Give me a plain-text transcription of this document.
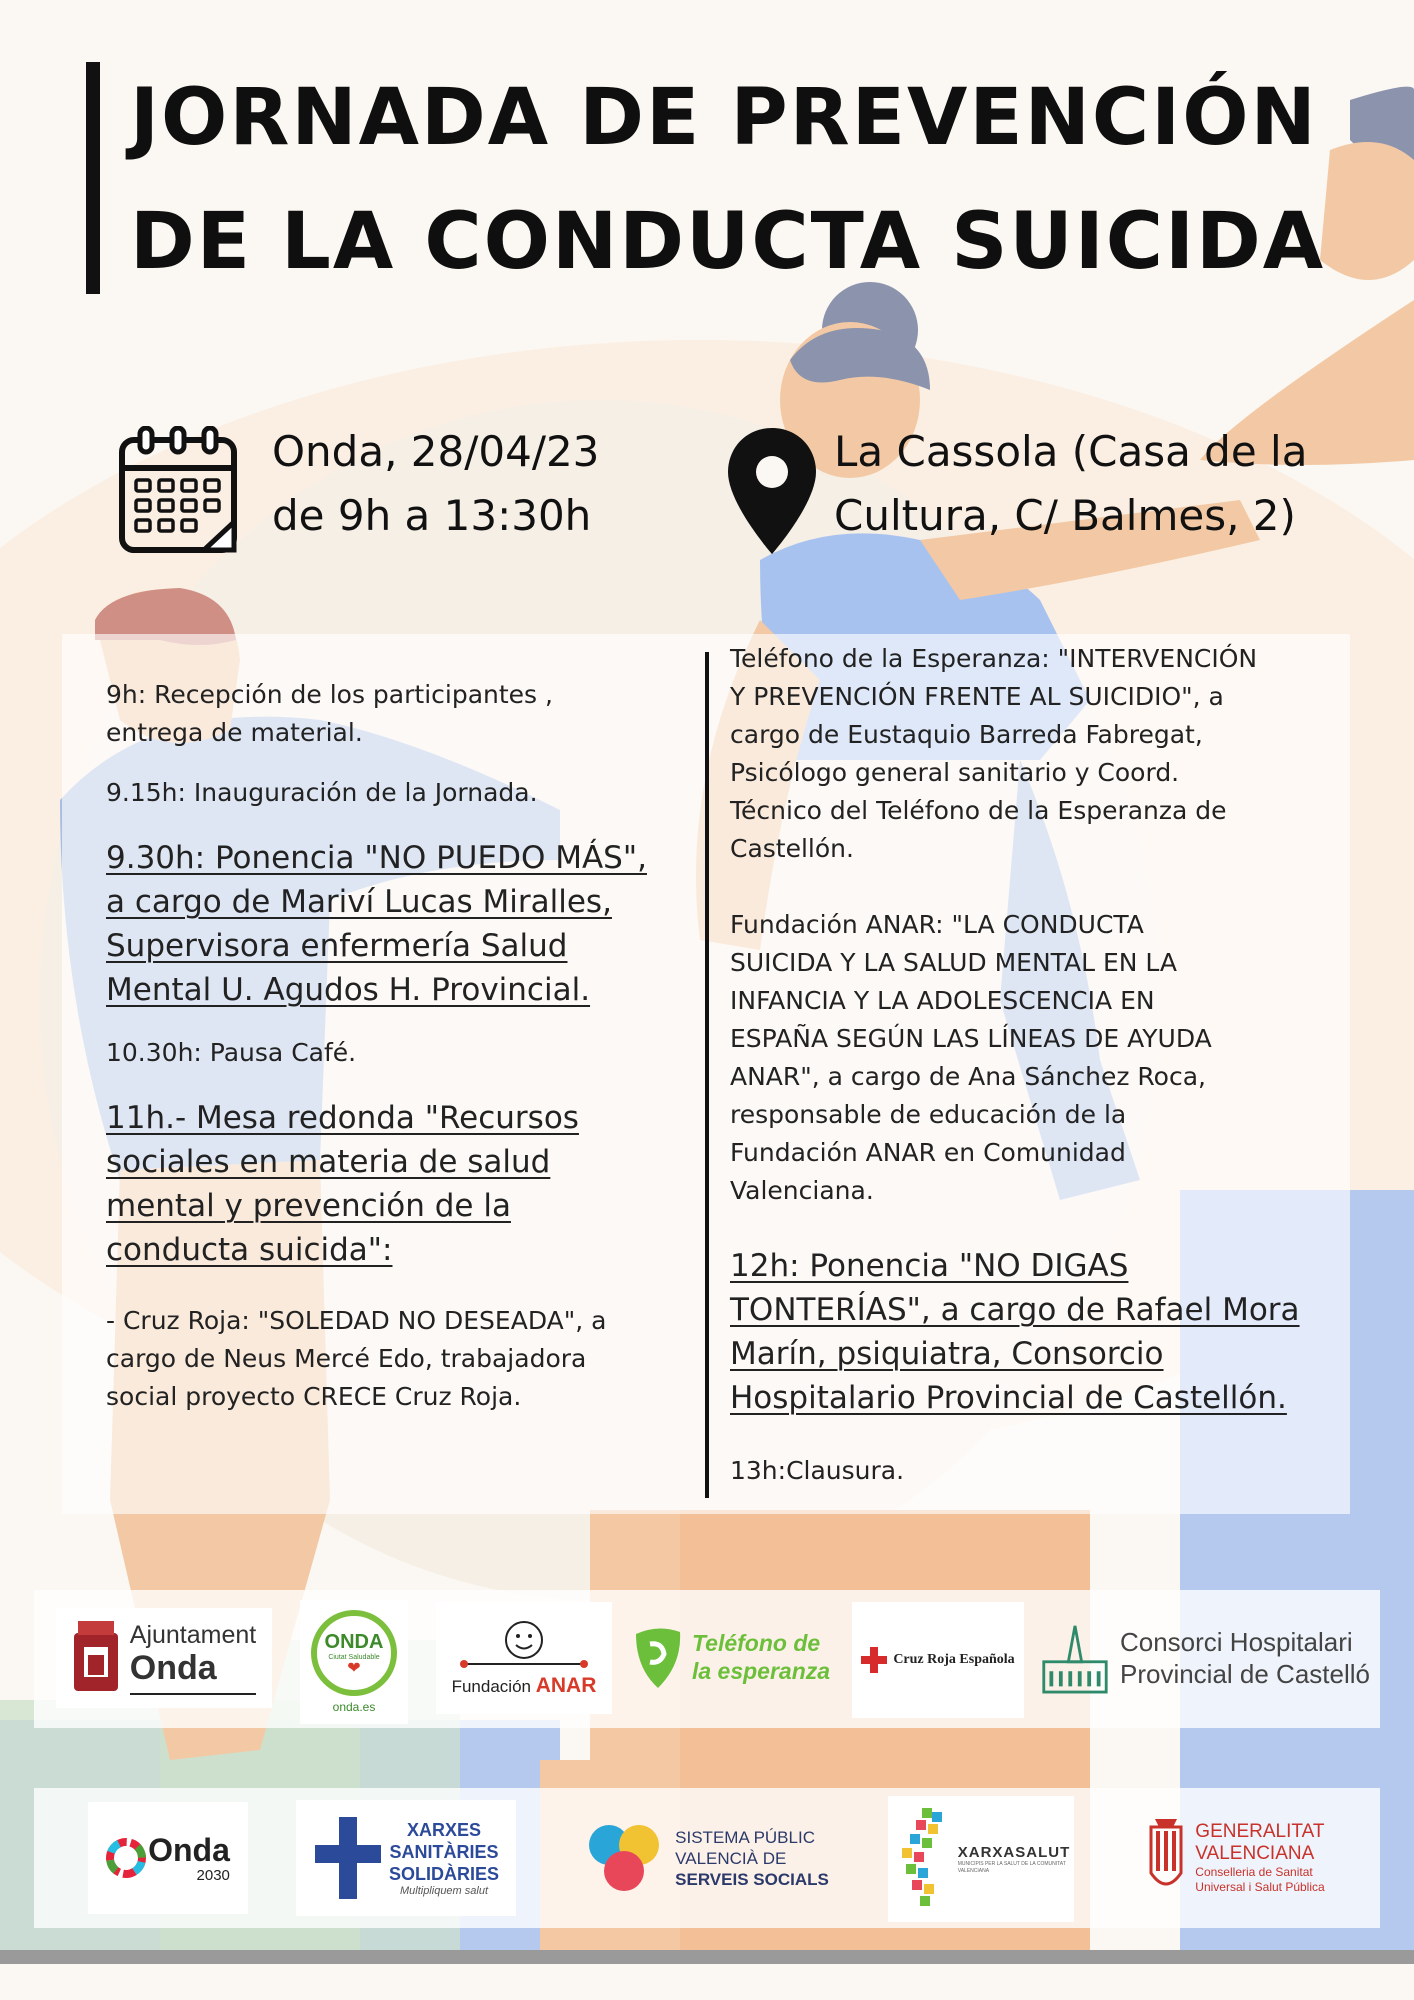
JORNADA DE PREVENCIÓN
DE LA CONDUCTA SUICIDA
Onda, 28/04/23
de 9h a 13:30h
La Cassola (Casa de la
Cultura, C/ Balmes, 2)

9h: Recepción de los participantes ,
entrega de material.

9.15h: Inauguración de la Jornada.

9.30h: Ponencia "NO PUEDO MÁS",
a cargo de Mariví Lucas Miralles,
Supervisora enfermería Salud
Mental U. Agudos H. Provincial.

10.30h: Pausa Café.

11h.- Mesa redonda "Recursos
sociales en materia de salud
mental y prevención de la
conducta suicida":

- Cruz Roja: "SOLEDAD NO DESEADA", a
cargo de Neus Mercé Edo, trabajadora
social proyecto CRECE Cruz Roja.

Teléfono de la Esperanza: "INTERVENCIÓN
Y PREVENCIÓN FRENTE AL SUICIDIO", a
cargo de Eustaquio Barreda Fabregat,
Psicólogo general sanitario y Coord.
Técnico del Teléfono de la Esperanza de
Castellón.

Fundación ANAR: "LA CONDUCTA
SUICIDA Y LA SALUD MENTAL EN LA
INFANCIA Y LA ADOLESCENCIA EN
ESPAÑA SEGÚN LAS LÍNEAS DE AYUDA
ANAR", a cargo de Ana Sánchez Roca,
responsable de educación de la
Fundación ANAR en Comunidad
Valenciana.

12h: Ponencia "NO DIGAS
TONTERÍAS", a cargo de Rafael Mora
Marín, psiquiatra, Consorcio
Hospitalario Provincial de Castellón.

13h:Clausura.

Ajuntament
Onda
ONDA
Ciutat Saludable
❤
onda.es
Fundación ANAR
Teléfono de
la esperanza	Cruz Roja Española
Consorci Hospitalari
Provincial de Castelló
Onda
2030
XARXES
SANITÀRIES
SOLIDÀRIES
Multipliquem salut
SISTEMA PÚBLIC
VALENCIÀ DE
SERVEIS SOCIALS
XARXASALUT
MUNICIPIS PER LA SALUT DE LA COMUNITAT VALENCIANA
GENERALITAT
VALENCIANA
Conselleria de Sanitat
Universal i Salut Pública
